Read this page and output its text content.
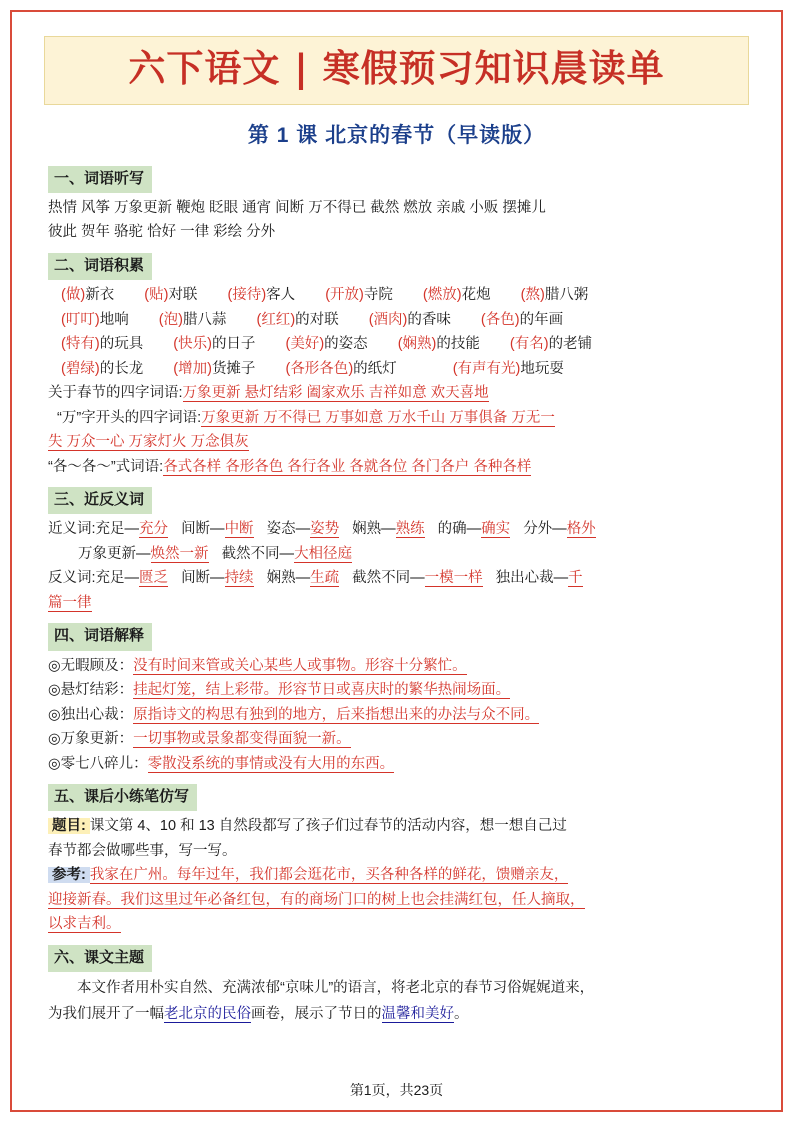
六下语文 | 寒假预习知识晨读单
第 1 课 北京的春节（早读版）
一、词语听写
热情 风筝 万象更新 鞭炮 眨眼 通宵 间断 万不得已 截然 燃放 亲戚 小贩 摆摊儿
彼此 贺年 骆驼 恰好 一律 彩绘 分外
二、词语积累
(做)新衣 (贴)对联 (接待)客人 (开放)寺院 (燃放)花炮 (熬)腊八粥
(叮叮)地响 (泡)腊八蒜 (红红)的对联 (酒肉)的香味 (各色)的年画
(特有)的玩具 (快乐)的日子 (美好)的姿态 (娴熟)的技能 (有名)的老铺
(碧绿)的长龙 (增加)货摊子 (各形各色)的纸灯	(有声有光)地玩耍
关于春节的四字词语:万象更新 悬灯结彩 阖家欢乐 吉祥如意 欢天喜地
“万”字开头的四字词语:万象更新 万不得已 万事如意 万水千山 万事俱备 万无一
失 万众一心 万家灯火 万念俱灰
“各～各～”式词语:各式各样 各形各色 各行各业 各就各位 各门各户 各种各样
三、近反义词
近义词:充足—充分 间断—中断 姿态—姿势 娴熟—熟练 的确—确实 分外—格外
万象更新—焕然一新 截然不同—大相径庭
反义词:充足—匮乏 间断—持续 娴熟—生疏 截然不同—一模一样 独出心裁—千
篇一律
四、词语解释
◎无暇顾及：没有时间来管或关心某些人或事物。形容十分繁忙。
◎悬灯结彩：挂起灯笼，结上彩带。形容节日或喜庆时的繁华热闹场面。
◎独出心裁：原指诗文的构思有独到的地方，后来指想出来的办法与众不同。
◎万象更新：一切事物或景象都变得面貌一新。
◎零七八碎儿：零散没系统的事情或没有大用的东西。
五、课后小练笔仿写
题目: 课文第 4、10 和 13 自然段都写了孩子们过春节的活动内容，想一想自己过
春节都会做哪些事，写一写。
参考: 我家在广州。每年过年，我们都会逛花市，买各种各样的鲜花，馈赠亲友，
迎接新春。我们这里过年必备红包，有的商场门口的树上也会挂满红包，任人摘取，
以求吉利。
六、课文主题
本文作者用朴实自然、充满浓郁“京味儿”的语言，将老北京的春节习俗娓娓道来，
为我们展开了一幅老北京的民俗画卷，展示了节日的温馨和美好。
第1页，共23页
